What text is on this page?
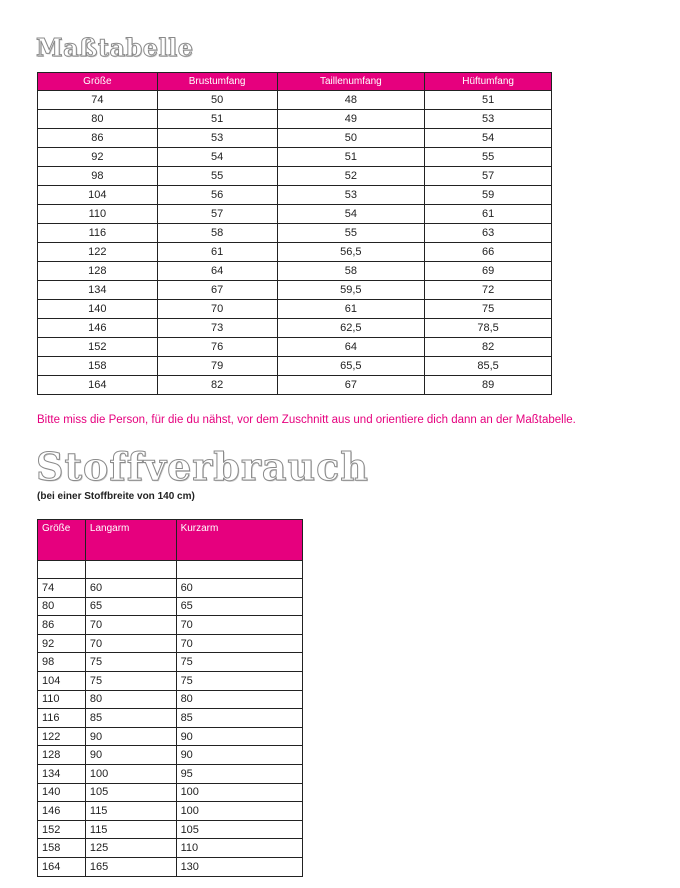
Maßtabelle
Größe	Brustumfang	Taillenumfang	Hüftumfang
74	50	48	51
80	51	49	53
86	53	50	54
92	54	51	55
98	55	52	57
104	56	53	59
110	57	54	61
116	58	55	63
122	61	56,5	66
128	64	58	69
134	67	59,5	72
140	70	61	75
146	73	62,5	78,5
152	76	64	82
158	79	65,5	85,5
164	82	67	89

Bitte miss die Person, für die du nähst, vor dem Zuschnitt aus und orientiere dich dann an der Maßtabelle.

Stoffverbrauch

(bei einer Stoffbreite von 140 cm)

Größe	Langarm	Kurzarm

74	60	60
80	65	65
86	70	70
92	70	70
98	75	75
104	75	75
110	80	80
116	85	85
122	90	90
128	90	90
134	100	95
140	105	100
146	115	100
152	115	105
158	125	110
164	165	130
